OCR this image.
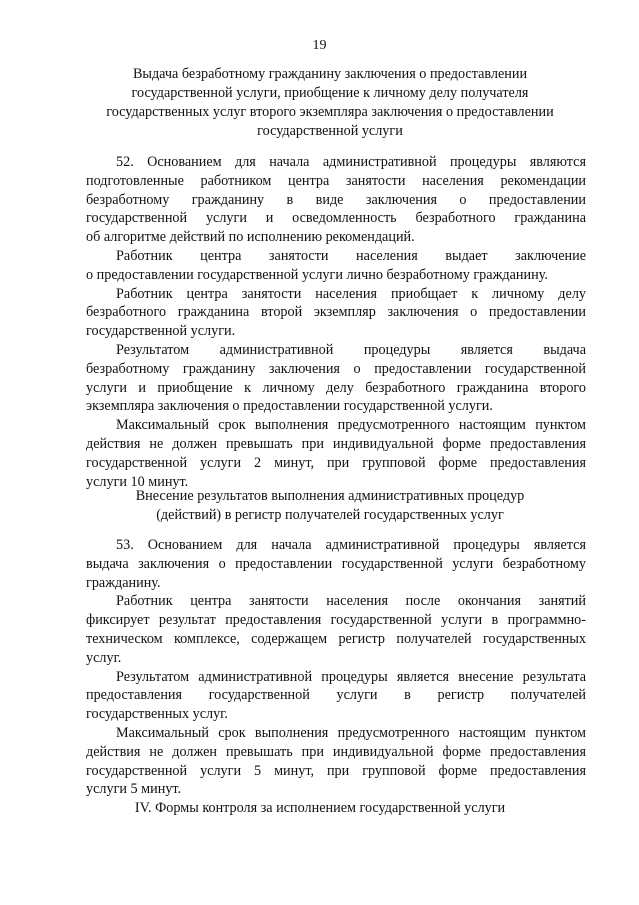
19
Выдача безработному гражданину заключения о предоставлении
государственной услуги, приобщение к личному делу получателя
государственных услуг второго экземпляра заключения о предоставлении
государственной услуги

52. Основанием для начала административной процедуры являются
подготовленные работником центра занятости населения рекомендации
безработному гражданину в виде заключения о предоставлении
государственной услуги и осведомленность безработного гражданина
об алгоритме действий по исполнению рекомендаций.

Работник центра занятости населения выдает заключение
о предоставлении государственной услуги лично безработному гражданину.

Работник центра занятости населения приобщает к личному делу
безработного гражданина второй экземпляр заключения о предоставлении
государственной услуги.

Результатом административной процедуры является выдача
безработному гражданину заключения о предоставлении государственной
услуги и приобщение к личному делу безработного гражданина второго
экземпляра заключения о предоставлении государственной услуги.

Максимальный срок выполнения предусмотренного настоящим пунктом
действия не должен превышать при индивидуальной форме предоставления
государственной услуги 2 минут, при групповой форме предоставления
услуги 10 минут.

Внесение результатов выполнения административных процедур
(действий) в регистр получателей государственных услуг

53. Основанием для начала административной процедуры является
выдача заключения о предоставлении государственной услуги безработному
гражданину.

Работник центра занятости населения после окончания занятий
фиксирует результат предоставления государственной услуги в программно-
техническом комплексе, содержащем регистр получателей государственных
услуг.

Результатом административной процедуры является внесение результата
предоставления государственной услуги в регистр получателей
государственных услуг.

Максимальный срок выполнения предусмотренного настоящим пунктом
действия не должен превышать при индивидуальной форме предоставления
государственной услуги 5 минут, при групповой форме предоставления
услуги 5 минут.

IV. Формы контроля за исполнением государственной услуги
